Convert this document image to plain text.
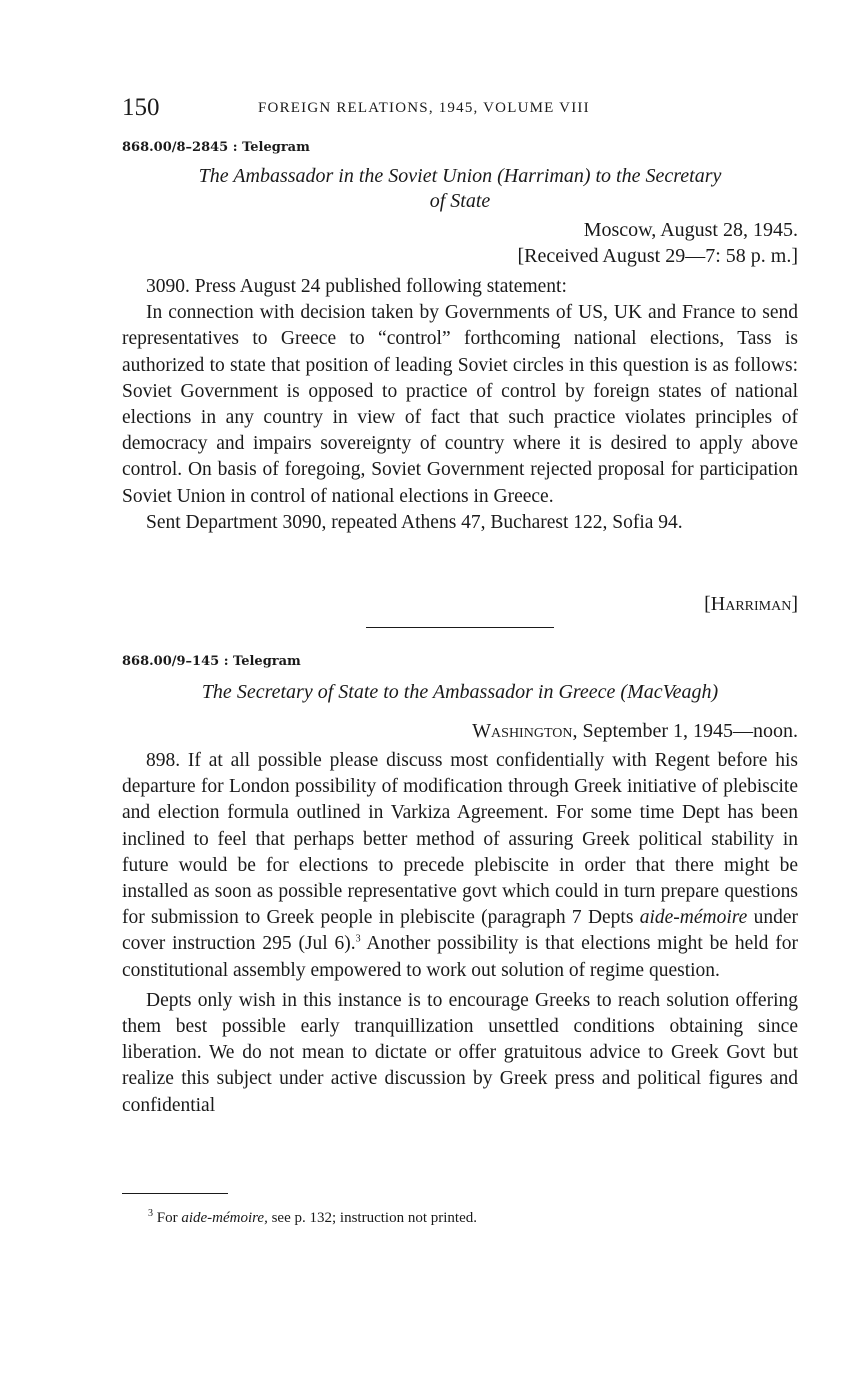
150	FOREIGN RELATIONS, 1945, VOLUME VIII
868.00/8–2845 : Telegram
The Ambassador in the Soviet Union (Harriman) to the Secretary
of State
Moscow, August 28, 1945.
[Received August 29—7: 58 p. m.]

3090. Press August 24 published following statement:

In connection with decision taken by Governments of US, UK and France to send representatives to Greece to “control” forthcoming national elections, Tass is authorized to state that position of leading Soviet circles in this question is as follows: Soviet Government is opposed to practice of control by foreign states of national elections in any country in view of fact that such practice violates principles of democracy and impairs sovereignty of country where it is desired to apply above control. On basis of foregoing, Soviet Government rejected proposal for participation Soviet Union in control of national elections in Greece.

Sent Department 3090, repeated Athens 47, Bucharest 122, Sofia 94.

[Harriman]
868.00/9–145 : Telegram
The Secretary of State to the Ambassador in Greece (MacVeagh)
Washington, September 1, 1945—noon.

898. If at all possible please discuss most confidentially with Regent before his departure for London possibility of modification through Greek initiative of plebiscite and election formula outlined in Varkiza Agreement. For some time Dept has been inclined to feel that perhaps better method of assuring Greek political stability in future would be for elections to precede plebiscite in order that there might be installed as soon as possible representative govt which could in turn prepare questions for submission to Greek people in plebiscite (paragraph 7 Depts aide-mémoire under cover instruction 295 (Jul 6).$^3$ Another possibility is that elections might be held for constitutional assembly empowered to work out solution of regime question.

Depts only wish in this instance is to encourage Greeks to reach solution offering them best possible early tranquillization unsettled conditions obtaining since liberation. We do not mean to dictate or offer gratuitous advice to Greek Govt but realize this subject under active discussion by Greek press and political figures and confidential

$^3$ For aide-mémoire, see p. 132; instruction not printed.
